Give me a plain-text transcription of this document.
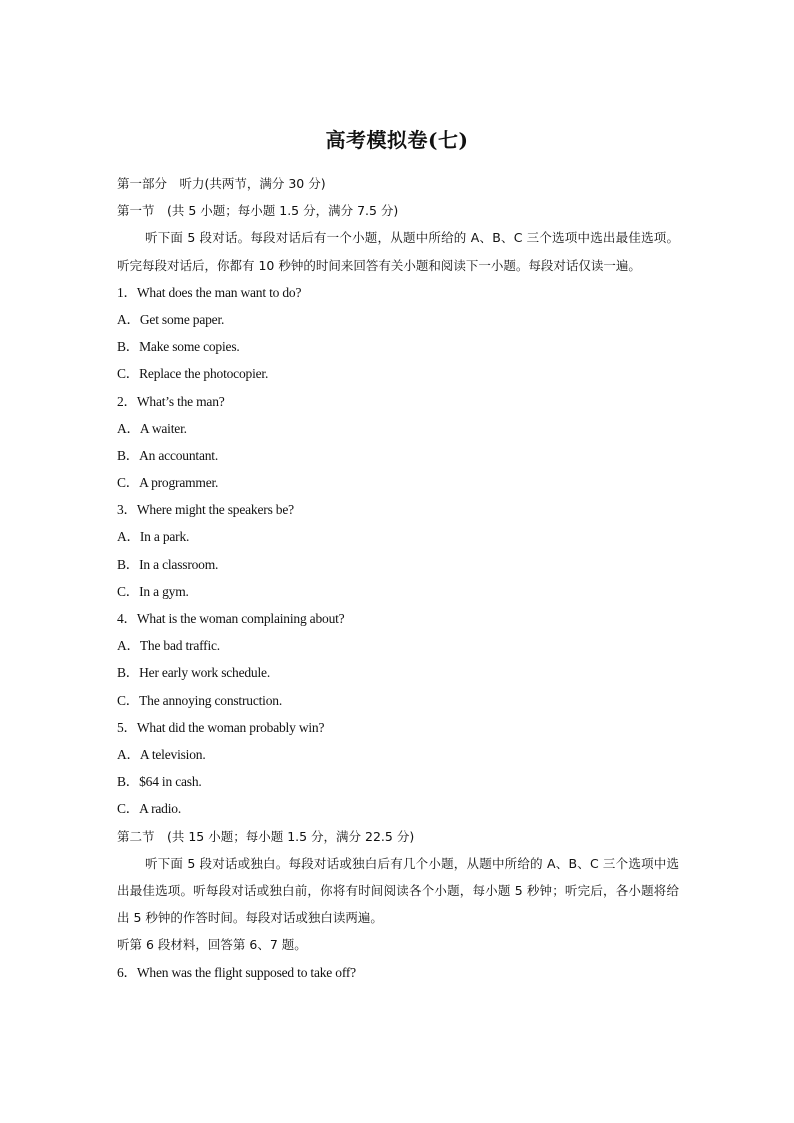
高考模拟卷(七)
第一部分　听力(共两节，满分 30 分)
第一节　(共 5 小题；每小题 1.5 分，满分 7.5 分)
听下面 5 段对话。每段对话后有一个小题，从题中所给的 A、B、C 三个选项中选出最佳选项。听完每段对话后，你都有 10 秒钟的时间来回答有关小题和阅读下一小题。每段对话仅读一遍。
1．What does the man want to do?
A．Get some paper.
B．Make some copies.
C．Replace the photocopier.
2．What’s the man?
A．A waiter.
B．An accountant.
C．A programmer.
3．Where might the speakers be?
A．In a park.
B．In a classroom.
C．In a gym.
4．What is the woman complaining about?
A．The bad traffic.
B．Her early work schedule.
C．The annoying construction.
5．What did the woman probably win?
A．A television.
B．$64 in cash.
C．A radio.
第二节　(共 15 小题；每小题 1.5 分，满分 22.5 分)
听下面 5 段对话或独白。每段对话或独白后有几个小题，从题中所给的 A、B、C 三个选项中选出最佳选项。听每段对话或独白前，你将有时间阅读各个小题，每小题 5 秒钟；听完后，各小题将给出 5 秒钟的作答时间。每段对话或独白读两遍。
听第 6 段材料，回答第 6、7 题。
6．When was the flight supposed to take off?
